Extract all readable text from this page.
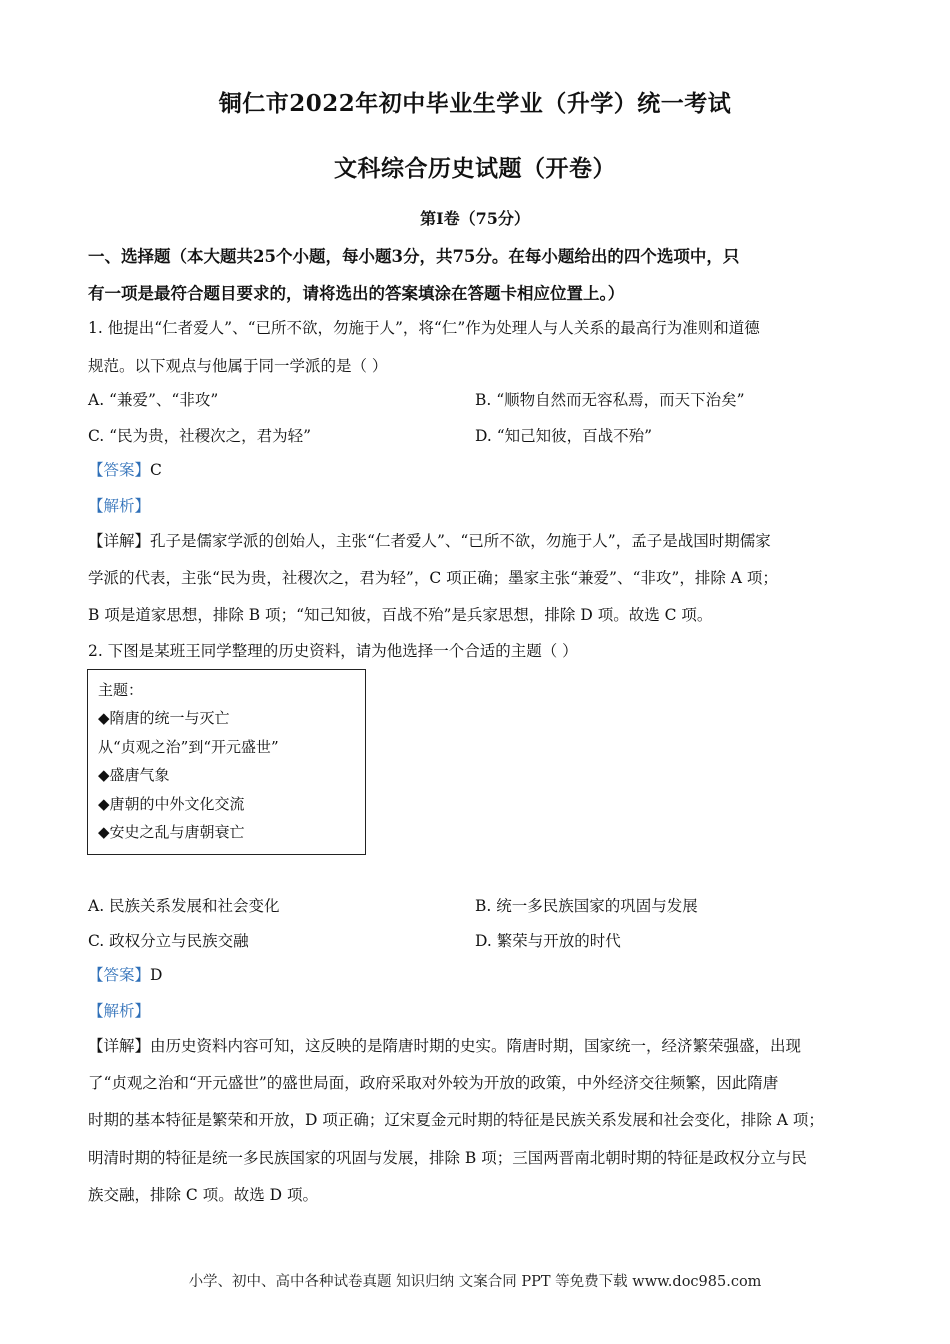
铜仁市2022年初中毕业生学业（升学）统一考试
文科综合历史试题（开卷）
第Ⅰ卷（75分）
一、选择题（本大题共25个小题，每小题3分，共75分。在每小题给出的四个选项中，只
有一项是最符合题目要求的，请将选出的答案填涂在答题卡相应位置上。）
1. 他提出“仁者爱人”、“已所不欲，勿施于人”，将“仁”作为处理人与人关系的最高行为准则和道德
规范。以下观点与他属于同一学派的是（ ）
A. “兼爱”、“非攻”	B. “顺物自然而无容私焉，而天下治矣”
C. “民为贵，社稷次之，君为轻”	D. “知己知彼，百战不殆”
【答案】C
【解析】
【详解】孔子是儒家学派的创始人，主张“仁者爱人”、“已所不欲，勿施于人”，孟子是战国时期儒家
学派的代表，主张“民为贵，社稷次之，君为轻”，C 项正确；墨家主张“兼爱”、“非攻”，排除 A 项；
B 项是道家思想，排除 B 项；“知己知彼，百战不殆”是兵家思想，排除 D 项。故选 C 项。
2. 下图是某班王同学整理的历史资料，请为他选择一个合适的主题（ ）
主题：
◆隋唐的统一与灭亡
从“贞观之治”到“开元盛世”
◆盛唐气象
◆唐朝的中外文化交流
◆安史之乱与唐朝衰亡
A. 民族关系发展和社会变化	B. 统一多民族国家的巩固与发展
C. 政权分立与民族交融	D. 繁荣与开放的时代
【答案】D
【解析】
【详解】由历史资料内容可知，这反映的是隋唐时期的史实。隋唐时期，国家统一，经济繁荣强盛，出现
了“贞观之治和“开元盛世”的盛世局面，政府采取对外较为开放的政策，中外经济交往频繁，因此隋唐
时期的基本特征是繁荣和开放，D 项正确；辽宋夏金元时期的特征是民族关系发展和社会变化，排除 A 项；
明清时期的特征是统一多民族国家的巩固与发展，排除 B 项；三国两晋南北朝时期的特征是政权分立与民
族交融，排除 C 项。故选 D 项。
小学、初中、高中各种试卷真题 知识归纳 文案合同 PPT 等免费下载 www.doc985.com
